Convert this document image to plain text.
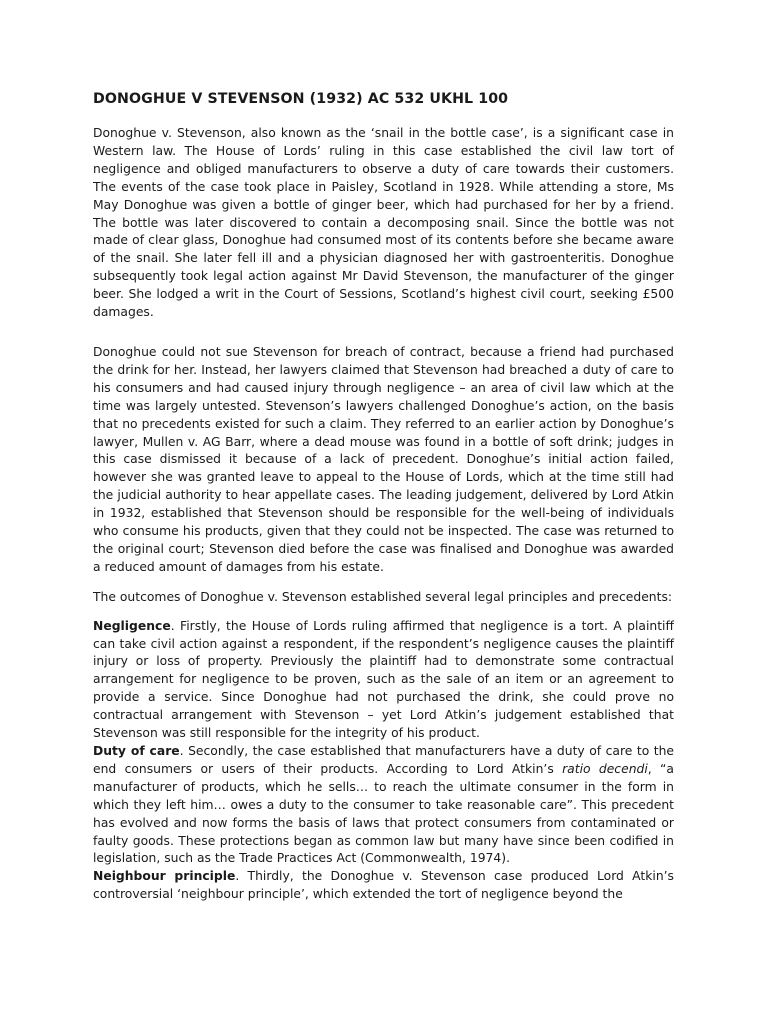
DONOGHUE V STEVENSON (1932) AC 532 UKHL 100

Donoghue v. Stevenson, also known as the ‘snail in the bottle case’, is a significant case in Western law. The House of Lords’ ruling in this case established the civil law tort of negligence and obliged manufacturers to observe a duty of care towards their customers. The events of the case took place in Paisley, Scotland in 1928. While attending a store, Ms May Donoghue was given a bottle of ginger beer, which had purchased for her by a friend. The bottle was later discovered to contain a decomposing snail. Since the bottle was not made of clear glass, Donoghue had consumed most of its contents before she became aware of the snail. She later fell ill and a physician diagnosed her with gastroenteritis. Donoghue subsequently took legal action against Mr David Stevenson, the manufacturer of the ginger beer. She lodged a writ in the Court of Sessions, Scotland’s highest civil court, seeking £500 damages.

Donoghue could not sue Stevenson for breach of contract, because a friend had purchased the drink for her. Instead, her lawyers claimed that Stevenson had breached a duty of care to his consumers and had caused injury through negligence – an area of civil law which at the time was largely untested. Stevenson’s lawyers challenged Donoghue’s action, on the basis that no precedents existed for such a claim. They referred to an earlier action by Donoghue’s lawyer, Mullen v. AG Barr, where a dead mouse was found in a bottle of soft drink; judges in this case dismissed it because of a lack of precedent. Donoghue’s initial action failed, however she was granted leave to appeal to the House of Lords, which at the time still had the judicial authority to hear appellate cases. The leading judgement, delivered by Lord Atkin in 1932, established that Stevenson should be responsible for the well-being of individuals who consume his products, given that they could not be inspected. The case was returned to the original court; Stevenson died before the case was finalised and Donoghue was awarded a reduced amount of damages from his estate.

The outcomes of Donoghue v. Stevenson established several legal principles and precedents:

Negligence. Firstly, the House of Lords ruling affirmed that negligence is a tort. A plaintiff can take civil action against a respondent, if the respondent’s negligence causes the plaintiff injury or loss of property. Previously the plaintiff had to demonstrate some contractual arrangement for negligence to be proven, such as the sale of an item or an agreement to provide a service. Since Donoghue had not purchased the drink, she could prove no contractual arrangement with Stevenson – yet Lord Atkin’s judgement established that Stevenson was still responsible for the integrity of his product.

Duty of care. Secondly, the case established that manufacturers have a duty of care to the end consumers or users of their products. According to Lord Atkin’s ratio decendi, “a manufacturer of products, which he sells… to reach the ultimate consumer in the form in which they left him… owes a duty to the consumer to take reasonable care”. This precedent has evolved and now forms the basis of laws that protect consumers from contaminated or faulty goods. These protections began as common law but many have since been codified in legislation, such as the Trade Practices Act (Commonwealth, 1974).

Neighbour principle. Thirdly, the Donoghue v. Stevenson case produced Lord Atkin’s controversial ‘neighbour principle’, which extended the tort of negligence beyond the
